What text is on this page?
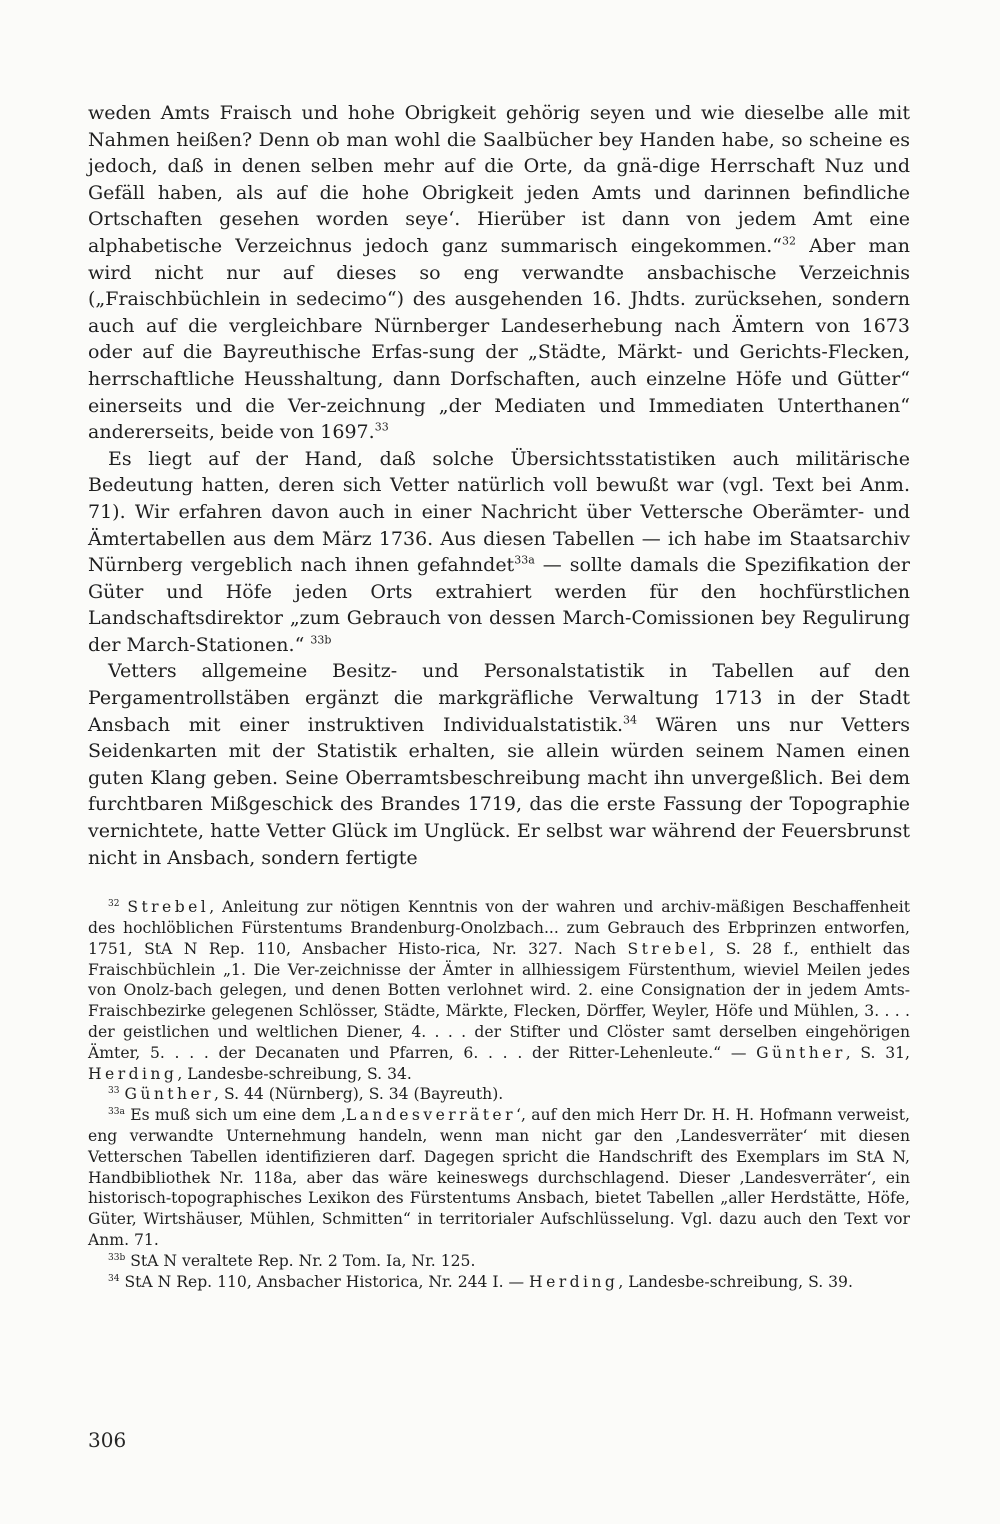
weden Amts Fraisch und hohe Obrigkeit gehörig seyen und wie dieselbe alle mit Nahmen heißen? Denn ob man wohl die Saalbücher bey Handen habe, so scheine es jedoch, daß in denen selben mehr auf die Orte, da gnä-dige Herrschaft Nuz und Gefäll haben, als auf die hohe Obrigkeit jeden Amts und darinnen befindliche Ortschaften gesehen worden seye‘. Hierüber ist dann von jedem Amt eine alphabetische Verzeichnus jedoch ganz summarisch eingekommen.“$^{32}$ Aber man wird nicht nur auf dieses so eng verwandte ansbachische Verzeichnis („Fraischbüchlein in sedecimo“) des ausgehenden 16. Jhdts. zurücksehen, sondern auch auf die vergleichbare Nürnberger Landeserhebung nach Ämtern von 1673 oder auf die Bayreuthische Erfas-sung der „Städte, Märkt- und Gerichts-Flecken, herrschaftliche Heusshaltung, dann Dorfschaften, auch einzelne Höfe und Gütter“ einerseits und die Ver-zeichnung „der Mediaten und Immediaten Unterthanen“ andererseits, beide von 1697.33

Es liegt auf der Hand, daß solche Übersichtsstatistiken auch militärische Bedeutung hatten, deren sich Vetter natürlich voll bewußt war (vgl. Text bei Anm. 71). Wir erfahren davon auch in einer Nachricht über Vettersche Oberämter- und Ämtertabellen aus dem März 1736. Aus diesen Tabellen — ich habe im Staatsarchiv Nürnberg vergeblich nach ihnen gefahndet$^{33a}$ — sollte damals die Spezifikation der Güter und Höfe jeden Orts extrahiert werden für den hochfürstlichen Landschaftsdirektor „zum Gebrauch von dessen March-Comissionen bey Regulirung der March-Stationen.“ $^{33b}$

Vetters allgemeine Besitz- und Personalstatistik in Tabellen auf den Pergamentrollstäben ergänzt die markgräfliche Verwaltung 1713 in der Stadt Ansbach mit einer instruktiven Individualstatistik.$^{34}$ Wären uns nur Vetters Seidenkarten mit der Statistik erhalten, sie allein würden seinem Namen einen guten Klang geben. Seine Oberramtsbeschreibung macht ihn unvergeßlich. Bei dem furchtbaren Mißgeschick des Brandes 1719, das die erste Fassung der Topographie vernichtete, hatte Vetter Glück im Unglück. Er selbst war während der Feuersbrunst nicht in Ansbach, sondern fertigte

$^{32}$ Strebel, Anleitung zur nötigen Kenntnis von der wahren und archiv-mäßigen Beschaffenheit des hochlöblichen Fürstentums Brandenburg-Onolzbach... zum Gebrauch des Erbprinzen entworfen, 1751, StA N Rep. 110, Ansbacher Histo-rica, Nr. 327. Nach Strebel, S. 28 f., enthielt das Fraischbüchlein „1. Die Ver-zeichnisse der Ämter in allhiessigem Fürstenthum, wieviel Meilen jedes von Onolz-bach gelegen, und denen Botten verlohnet wird. 2. eine Consignation der in jedem Amts-Fraischbezirke gelegenen Schlösser, Städte, Märkte, Flecken, Dörffer, Weyler, Höfe und Mühlen, 3. . . . der geistlichen und weltlichen Diener, 4. . . . der Stifter und Clöster samt derselben eingehörigen Ämter, 5. . . . der Decanaten und Pfarren, 6. . . . der Ritter-Lehenleute.“ — Günther, S. 31, Herding, Landesbe-schreibung, S. 34.

$^{33}$ Günther, S. 44 (Nürnberg), S. 34 (Bayreuth).

$^{33a}$ Es muß sich um eine dem ‚Landesverräter‘, auf den mich Herr Dr. H. H. Hofmann verweist, eng verwandte Unternehmung handeln, wenn man nicht gar den ‚Landesverräter‘ mit diesen Vetterschen Tabellen identifizieren darf. Dagegen spricht die Handschrift des Exemplars im StA N, Handbibliothek Nr. 118a, aber das wäre keineswegs durchschlagend. Dieser ‚Landesverräter‘, ein historisch-topographisches Lexikon des Fürstentums Ansbach, bietet Tabellen „aller Herdstätte, Höfe, Güter, Wirtshäuser, Mühlen, Schmitten“ in territorialer Aufschlüsselung. Vgl. dazu auch den Text vor Anm. 71.

$^{33b}$ StA N veraltete Rep. Nr. 2 Tom. Ia, Nr. 125.

$^{34}$ StA N Rep. 110, Ansbacher Historica, Nr. 244 I. — Herding, Landesbe-schreibung, S. 39.

306
